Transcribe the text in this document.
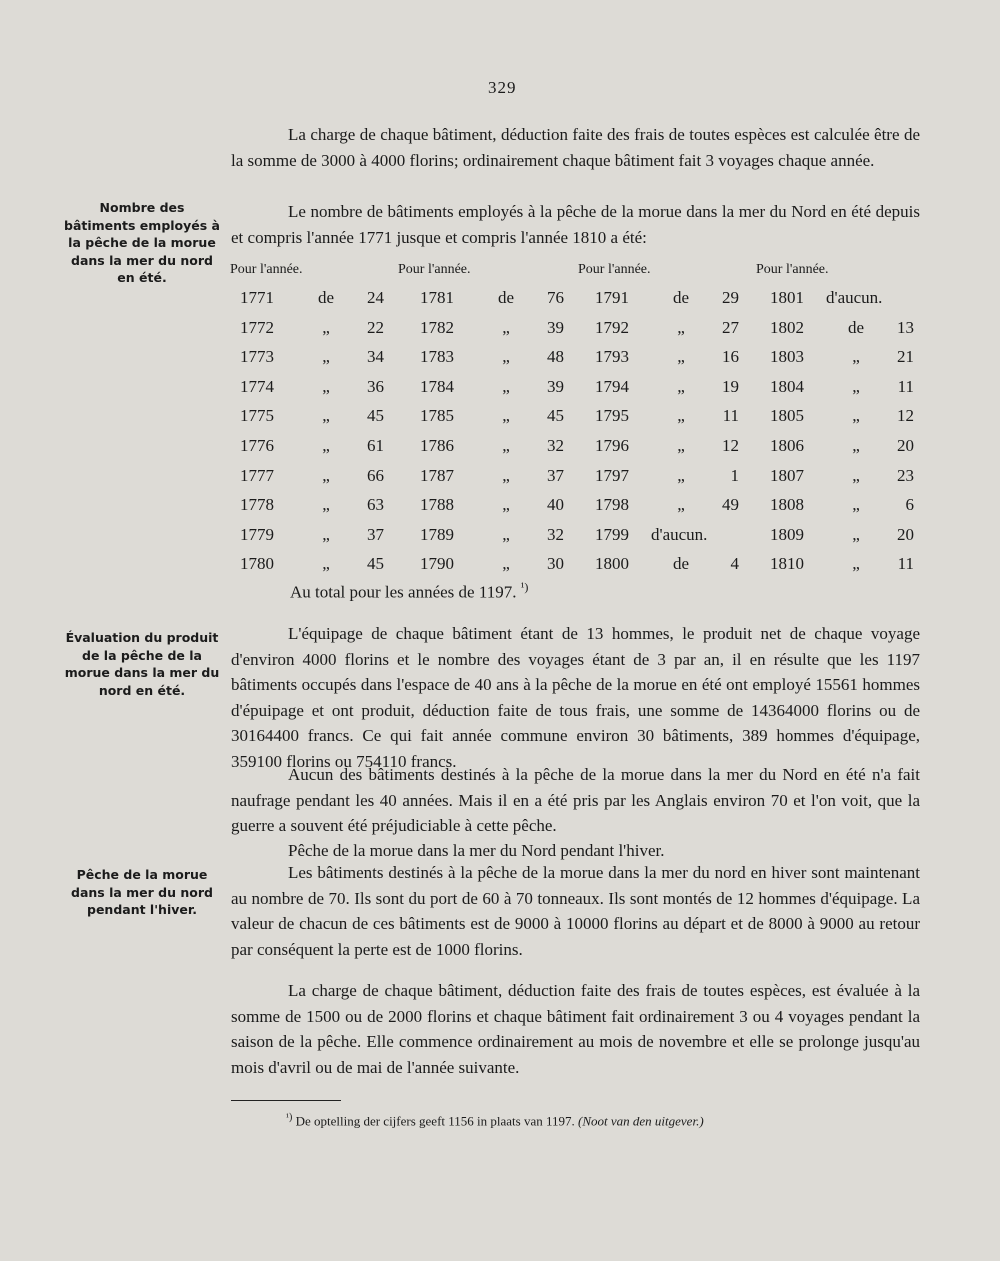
329

La charge de chaque bâtiment, déduction faite des frais de toutes espèces est calculée être de la somme de 3000 à 4000 florins; ordinairement chaque bâtiment fait 3 voyages chaque année.

Nombre des bâtiments employés à la pêche de la morue dans la mer du nord en été.

Le nombre de bâtiments employés à la pêche de la morue dans la mer du Nord en été depuis et compris l'année 1771 jusque et compris l'année 1810 a été:

Pour l'année.	Pour l'année.	Pour l'année.	Pour l'année.
1771	de	24 1781	de	76 1791	de	29 1801	d'aucun.
1772	„	22 1782	„	39 1792	„	27 1802	de	13
1773	„	34 1783	„	48 1793	„	16 1803	„	21
1774	„	36 1784	„	39 1794	„	19 1804	„	11
1775	„	45 1785	„	45 1795	„	11 1805	„	12
1776	„	61 1786	„	32 1796	„	12 1806	„	20
1777	„	66 1787	„	37 1797	„	1 1807	„	23
1778	„	63 1788	„	40 1798	„	49 1808	„	6
1779	„	37 1789	„	32 1799	d'aucun.	1809	„	20
1780	„	45 1790	„	30 1800	de	4 1810	„	11
Au total pour les années de 1197. $^{^1)}$

Évaluation du produit de la pêche de la morue dans la mer du nord en été.

L'équipage de chaque bâtiment étant de 13 hommes, le produit net de chaque voyage d'environ 4000 florins et le nombre des voyages étant de 3 par an, il en résulte que les 1197 bâtiments occupés dans l'espace de 40 ans à la pêche de la morue en été ont employé 15561 hommes d'épuipage et ont produit, déduction faite de tous frais, une somme de 14364000 florins ou de 30164400 francs. Ce qui fait année commune environ 30 bâtiments, 389 hommes d'équipage, 359100 florins ou 754110 francs.

Aucun des bâtiments destinés à la pêche de la morue dans la mer du Nord en été n'a fait naufrage pendant les 40 années. Mais il en a été pris par les Anglais environ 70 et l'on voit, que la guerre a souvent été préjudiciable à cette pêche.

Pêche de la morue dans la mer du Nord pendant l'hiver.

Pêche de la morue dans la mer du nord pendant l'hiver.

Les bâtiments destinés à la pêche de la morue dans la mer du nord en hiver sont maintenant au nombre de 70. Ils sont du port de 60 à 70 tonneaux. Ils sont montés de 12 hommes d'équipage. La valeur de chacun de ces bâtiments est de 9000 à 10000 florins au départ et de 8000 à 9000 au retour par conséquent la perte est de 1000 florins.

La charge de chaque bâtiment, déduction faite des frais de toutes espèces, est évaluée à la somme de 1500 ou de 2000 florins et chaque bâtiment fait ordinairement 3 ou 4 voyages pendant la saison de la pêche. Elle commence ordinairement au mois de novembre et elle se prolonge jusqu'au mois d'avril ou de mai de l'année suivante.

$^{^1)}$ De optelling der cijfers geeft 1156 in plaats van 1197. (Noot van den uitgever.)
